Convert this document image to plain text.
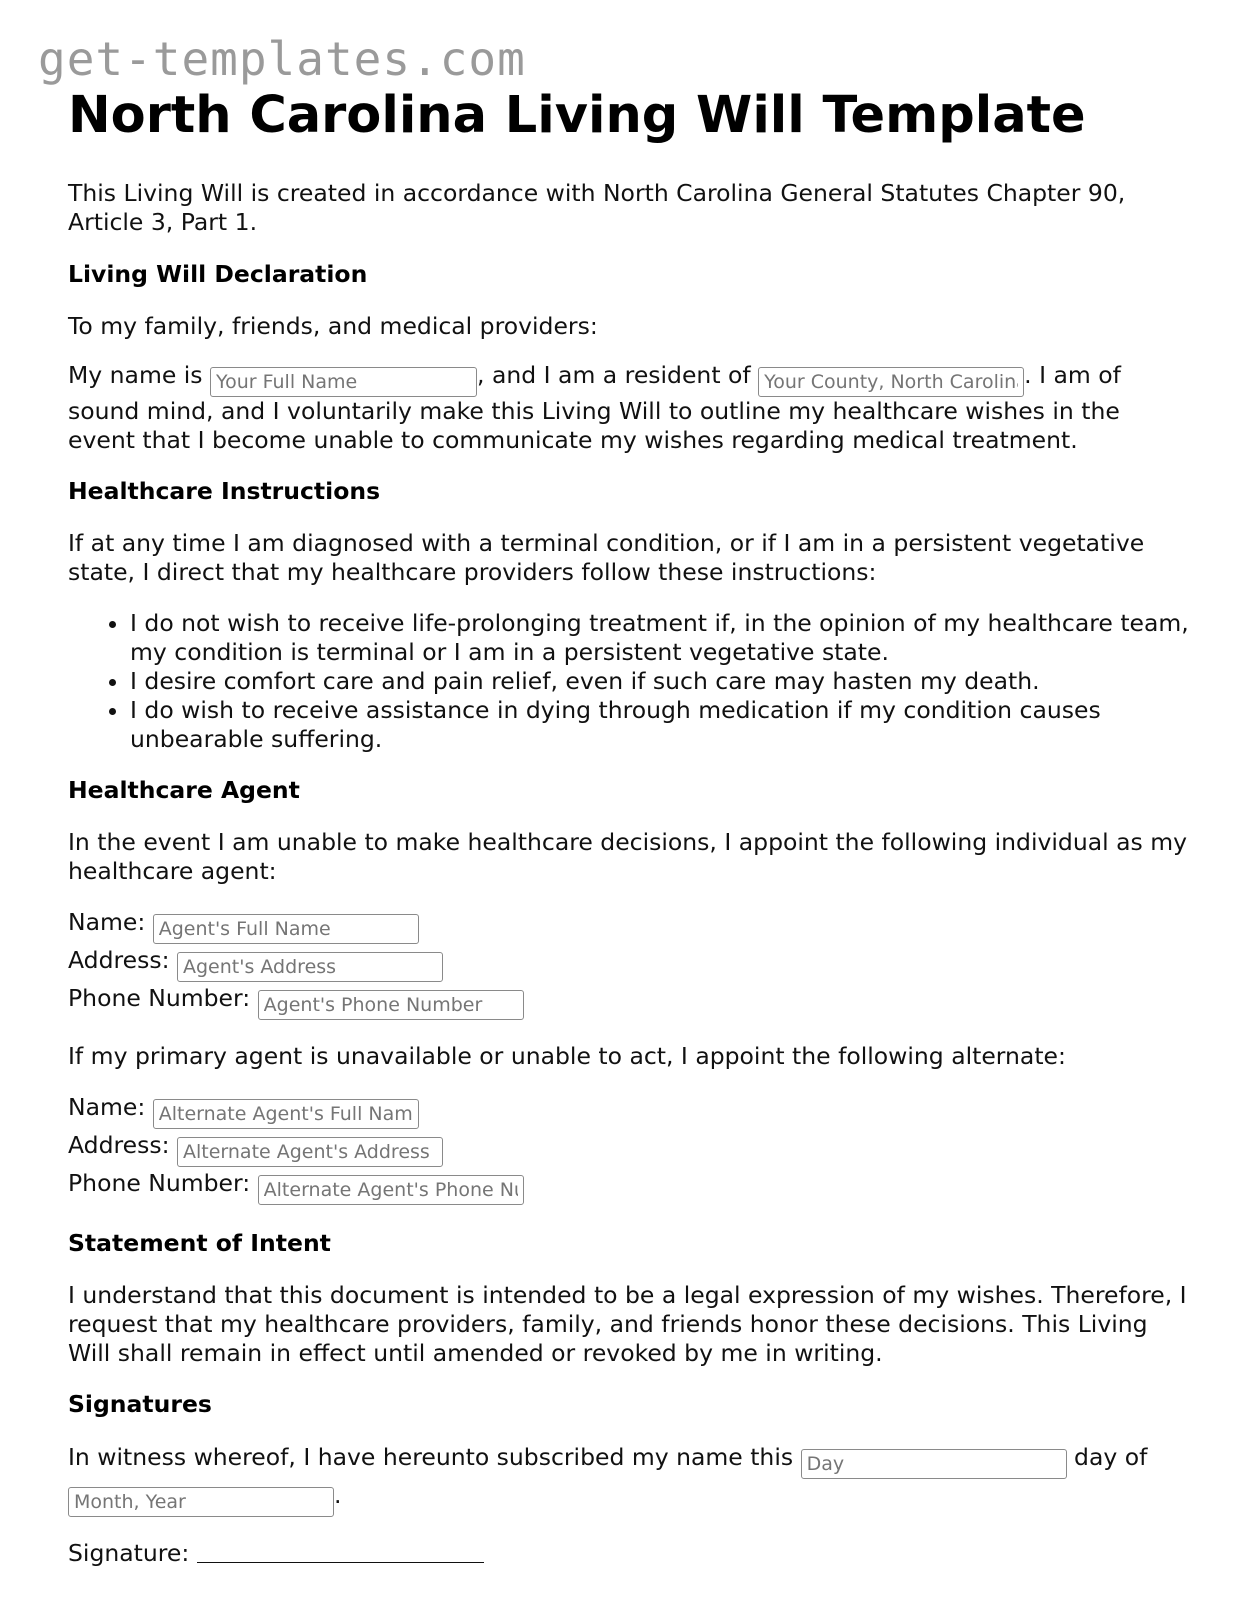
get-templates.com
North Carolina Living Will Template

This Living Will is created in accordance with North Carolina General Statutes Chapter 90, Article 3, Part 1.

Living Will Declaration

To my family, friends, and medical providers:

My name is Your Full Name	, and I am a resident of Your County, North Carolina	. I am of sound mind, and I voluntarily make this Living Will to outline my healthcare wishes in the event that I become unable to communicate my wishes regarding medical treatment.

Healthcare Instructions

If at any time I am diagnosed with a terminal condition, or if I am in a persistent vegetative state, I direct that my healthcare providers follow these instructions:

• I do not wish to receive life-prolonging treatment if, in the opinion of my healthcare team, my condition is terminal or I am in a persistent vegetative state.
• I desire comfort care and pain relief, even if such care may hasten my death.
• I do wish to receive assistance in dying through medication if my condition causes unbearable suffering.
Healthcare Agent

In the event I am unable to make healthcare decisions, I appoint the following individual as my healthcare agent:

Name: Agent's Full Name
Address: Agent's Address
Phone Number: Agent's Phone Number

If my primary agent is unavailable or unable to act, I appoint the following alternate:

Name: Alternate Agent's Full Name
Address: Alternate Agent's Address
Phone Number: Alternate Agent's Phone Number
Statement of Intent

I understand that this document is intended to be a legal expression of my wishes. Therefore, I request that my healthcare providers, family, and friends honor these decisions. This Living Will shall remain in effect until amended or revoked by me in writing.

Signatures

In witness whereof, I have hereunto subscribed my name this Day	day of Month, Year.

Signature:
